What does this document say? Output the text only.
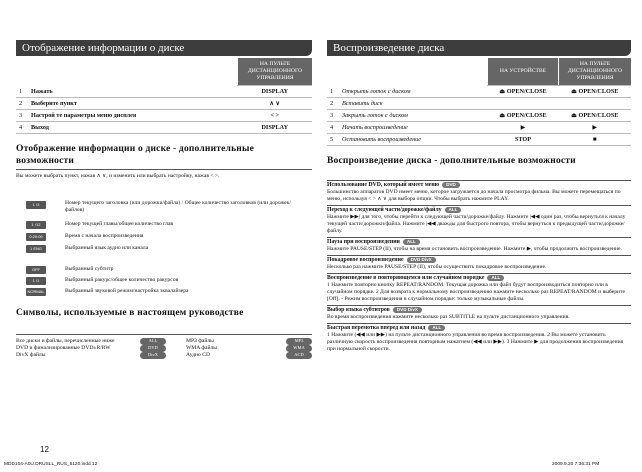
Отображение информации о диске
		НА ПУЛЬТЕ ДИСТАНЦИОННОГО УПРАВЛЕНИЯ
1	Нажать	DISPLAY
2	Выберите пункт	∧ ∨
3	Настрой те параметры меню дисплея	< >
4	Выход	DISPLAY
Отображение информации о диске - дополнительные возможности
Вы можете выбрать пункт, нажав ∧ ∨, и изменить или выбрать настройку, нажав < >.
1 /3	Номер текущего заголовка (или дорожки/файла) / Общее количество заголовков (или дорожек/файлов)
1 /12	Номер текущей главы/общее количество глав
0:20:09	Время с начала воспроизведения
1 ENG	Выбранный язык аудио или канала
OFF	Выбранный субтитр
1 /1	Выбранный ракурс/общее количество ракурсов
NORMAL	Выбранный звуковой режим/настройка эквалайзера
Символы, используемые в настоящем руководстве
Все диски и файлы, перечисленные ниже	ALL
DVD и финализированные DVD±R/RW	DVD
DivX файлы	DivX
MP3 файлы	MP3
WMA файлы	WMA
Аудио CD	ACD
12
MDD104-A0U.DRUSLL_RUS_5120.indd 12
Воспроизведение диска
		НА УСТРОЙСТВЕ	НА ПУЛЬТЕ ДИСТАНЦИОННОГО УПРАВЛЕНИЯ
1	Открыть лоток с диском	⏏ OPEN/CLOSE	⏏ OPEN/CLOSE
2	Вставить диск		
3	Закрыть лоток с диском	⏏ OPEN/CLOSE	⏏ OPEN/CLOSE
4	Начать воспроизведение	▶	▶
5	Остановить воспроизведение	STOP	■
Воспроизведение диска - дополнительные возможности
Использование DVD, который имеет меню DVD
Большинство аппаратов DVD имеет меню, которое загружается до начала просмотра фильма. Вы можете перемещаться по меню, используя < > ∧ ∨ для выбора опции. Чтобы выбрать нажмите PLAY.
Переход к следующей части/дорожке/файлу ALL
Нажмите ▶▶| для того, чтобы перейти к следующей части/дорожке/файлу. Нажмите |◀◀ один раз, чтобы вернуться к началу текущей части/дорожки/файла. Нажмите |◀◀ дважды для быстрого повтора, чтобы вернуться к предыдущей части/дорожке/файлу.
Пауза при воспроизведении ALL
Нажмите PAUSE/STEP (II), чтобы на время остановить воспроизведение. Нажмите ▶, чтобы продолжить воспроизведение.
Покадровое воспроизведение DVD DivX
Несколько раз нажмите PAUSE/STEP (II), чтобы осуществить покадровое воспроизведение.
Воспроизведение в повторяющемся или случайном порядке ALL
1 Нажмите повторно кнопку REPEAT/RANDOM. Текущая дорожка или файл будут воспроизводиться повторно или в случайном порядке. 2 Для возврата к нормальному воспроизведению нажмите несколько раз REPEAT/RANDOM и выберите [Off]. - Режим воспроизведения в случайном порядке: только музыкальные файлы.
Выбор языка субтитров DVD DivX
Во время воспроизведения нажмите несколько раз SUBTITLE на пульте дистанционного управления.
Быстрая перемотка вперед или назад ALL
1 Нажмите (◀◀ или ▶▶) на пульте дистанционного управления во время воспроизведения. 2 Вы можете установить различную скорость воспроизведения повторным нажатием (◀◀ или ▶▶). 3 Нажмите ▶ для продолжения воспроизведения при нормальной скорости.
2009.9.20 7:36:31 PM
